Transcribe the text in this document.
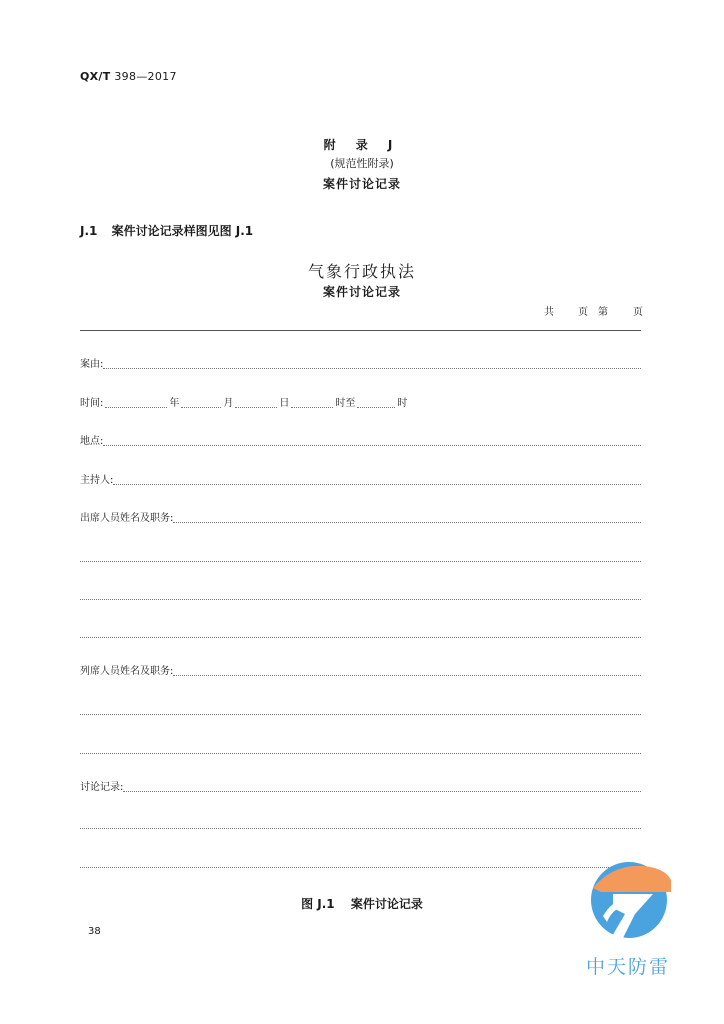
QX/T 398—2017
附 录 J
(规范性附录)
案件讨论记录
J.1 案件讨论记录样图见图 J.1
气象行政执法
案件讨论记录
共 页 第	页
案由:
时间:	年	月	日	时至	时
地点:
主持人:
出席人员姓名及职务:
列席人员姓名及职务:
讨论记录:
图 J.1 案件讨论记录
38
中天防雷
